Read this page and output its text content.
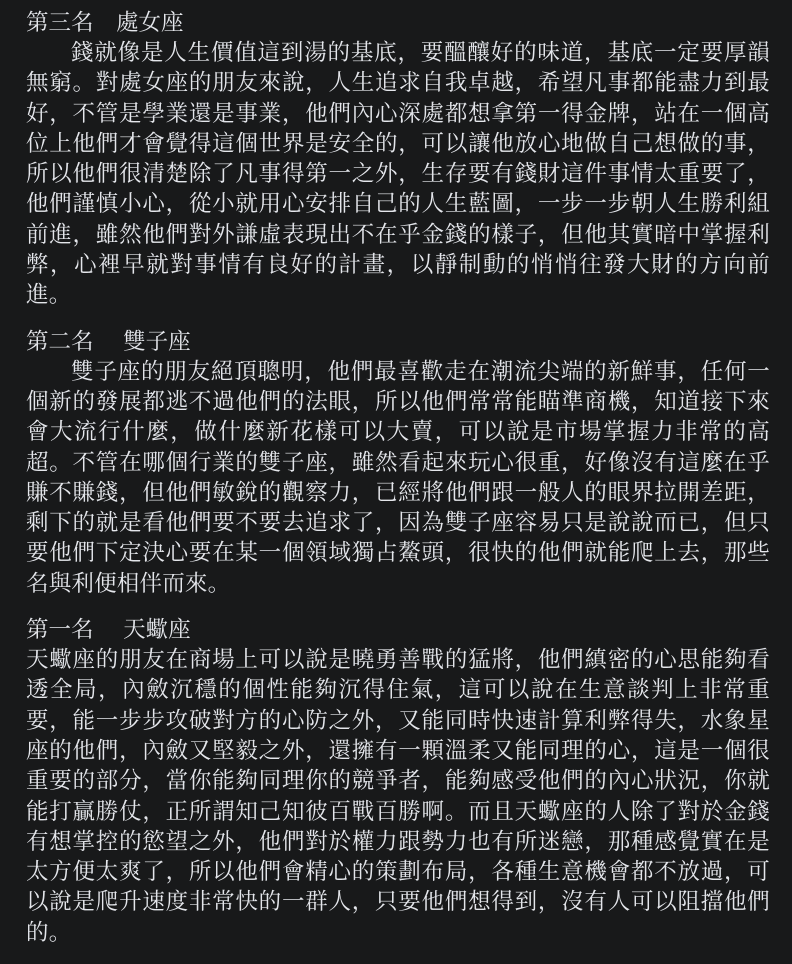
第三名　處女座

錢就像是人生價值這到湯的基底，要醞釀好的味道，基底一定要厚韻無窮。對處女座的朋友來說，人生追求自我卓越，希望凡事都能盡力到最好，不管是學業還是事業，他們內心深處都想拿第一得金牌，站在一個高位上他們才會覺得這個世界是安全的，可以讓他放心地做自己想做的事，所以他們很清楚除了凡事得第一之外，生存要有錢財這件事情太重要了，他們謹慎小心，從小就用心安排自己的人生藍圖，一步一步朝人生勝利組前進，雖然他們對外謙虛表現出不在乎金錢的樣子，但他其實暗中掌握利弊，心裡早就對事情有良好的計畫，以靜制動的悄悄往發大財的方向前進。

第二名　 雙子座

雙子座的朋友絕頂聰明，他們最喜歡走在潮流尖端的新鮮事，任何一個新的發展都逃不過他們的法眼，所以他們常常能瞄準商機，知道接下來會大流行什麼，做什麼新花樣可以大賣，可以說是市場掌握力非常的高超。不管在哪個行業的雙子座，雖然看起來玩心很重，好像沒有這麼在乎賺不賺錢，但他們敏銳的觀察力，已經將他們跟一般人的眼界拉開差距，剩下的就是看他們要不要去追求了，因為雙子座容易只是說說而已，但只要他們下定決心要在某一個領域獨占鰲頭，很快的他們就能爬上去，那些名與利便相伴而來。

第一名　 天蠍座

天蠍座的朋友在商場上可以說是曉勇善戰的猛將，他們縝密的心思能夠看透全局，內斂沉穩的個性能夠沉得住氣，這可以說在生意談判上非常重要，能一步步攻破對方的心防之外，又能同時快速計算利弊得失，水象星座的他們，內斂又堅毅之外，還擁有一顆溫柔又能同理的心，這是一個很重要的部分，當你能夠同理你的競爭者，能夠感受他們的內心狀況，你就能打贏勝仗，正所謂知己知彼百戰百勝啊。而且天蠍座的人除了對於金錢有想掌控的慾望之外，他們對於權力跟勢力也有所迷戀，那種感覺實在是太方便太爽了，所以他們會精心的策劃布局，各種生意機會都不放過，可以說是爬升速度非常快的一群人，只要他們想得到，沒有人可以阻擋他們的。
